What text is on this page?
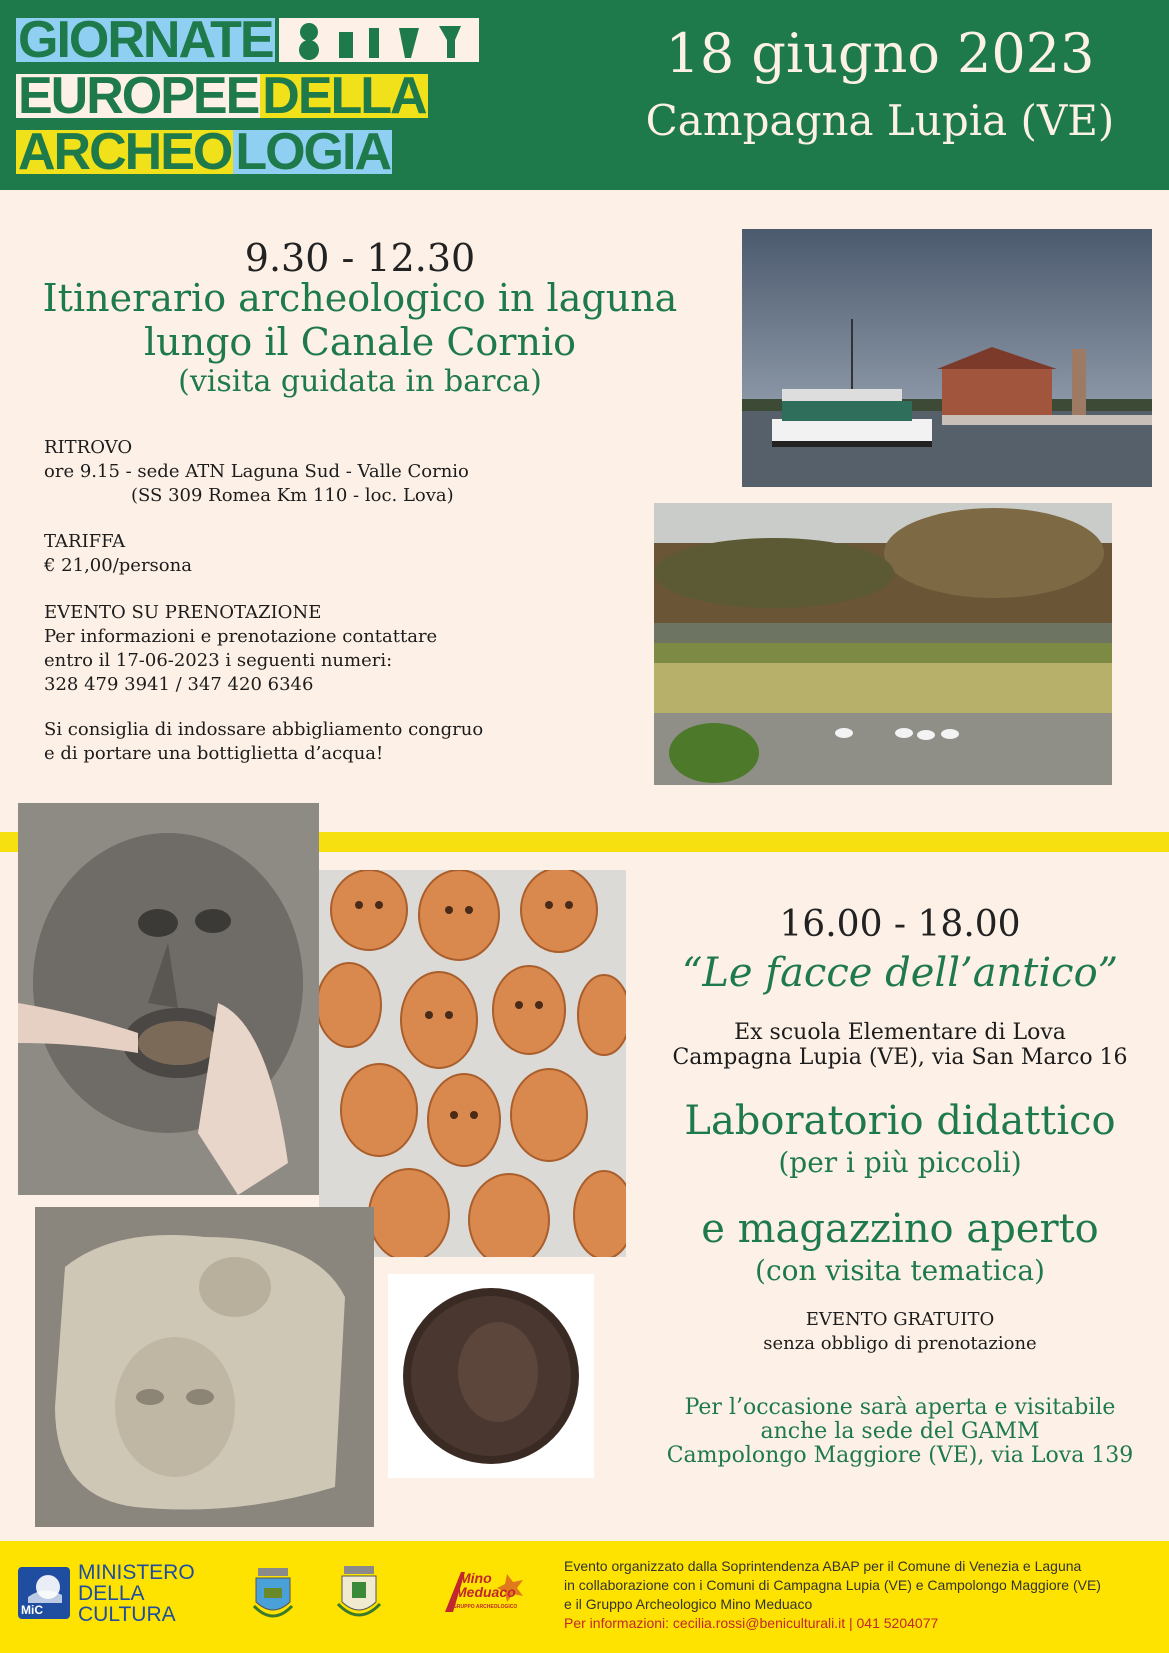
GIORNATE
EUROPEE DELLA
ARCHEO LOGIA
18 giugno 2023
Campagna Lupia (VE)
9.30 - 12.30
Itinerario archeologico in laguna
lungo il Canale Cornio
(visita guidata in barca)
RITROVO
ore 9.15 - sede ATN Laguna Sud - Valle Cornio
(SS 309 Romea Km 110 - loc. Lova)
TARIFFA
€ 21,00/persona
EVENTO SU PRENOTAZIONE
Per informazioni e prenotazione contattare
entro il 17-06-2023 i seguenti numeri:
328 479 3941 / 347 420 6346
Si consiglia di indossare abbigliamento congruo
e di portare una bottiglietta d’acqua!
16.00 - 18.00
“Le facce dell’antico”
Ex scuola Elementare di Lova
Campagna Lupia (VE), via San Marco 16
Laboratorio didattico
(per i più piccoli)
e magazzino aperto
(con visita tematica)
EVENTO GRATUITO
senza obbligo di prenotazione
Per l’occasione sarà aperta e visitabile
anche la sede del GAMM
Campolongo Maggiore (VE), via Lova 139
MiC
MINISTERO
DELLA
CULTURA
Mino
Meduaco
GRUPPO ARCHEOLOGICO
Evento organizzato dalla Soprintendenza ABAP per il Comune di Venezia e Laguna
in collaborazione con i Comuni di Campagna Lupia (VE) e Campolongo Maggiore (VE)
e il Gruppo Archeologico Mino Meduaco
Per informazioni: cecilia.rossi@beniculturali.it | 041 5204077
